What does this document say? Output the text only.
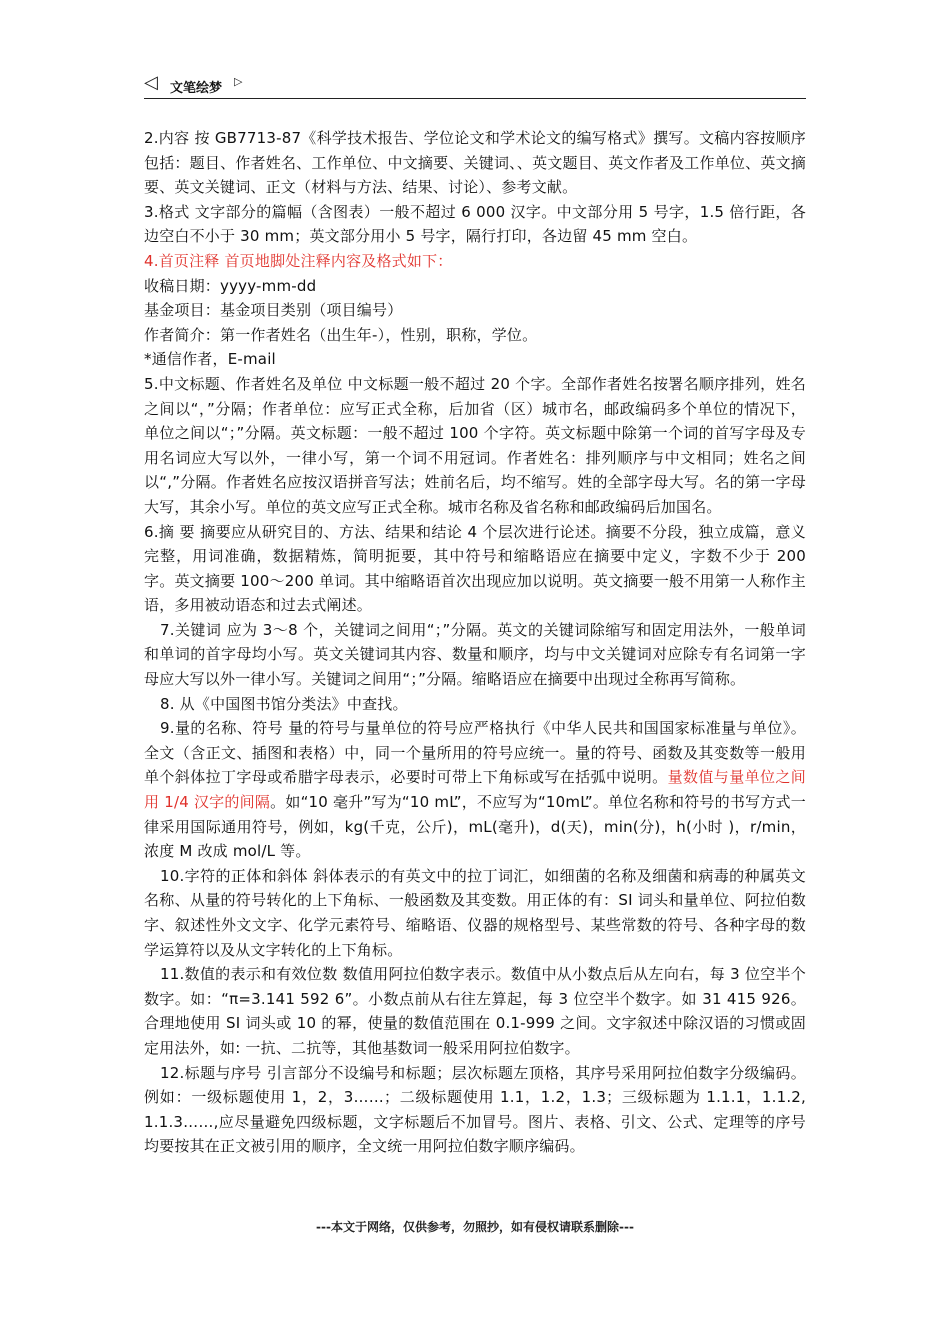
◁ 文笔绘梦 ▷

2.内容 按 GB7713-87《科学技术报告、学位论文和学术论文的编写格式》撰写。文稿内容按顺序包括：题目、作者姓名、工作单位、中文摘要、关键词、、英文题目、英文作者及工作单位、英文摘要、英文关键词、正文（材料与方法、结果、讨论）、参考文献。

3.格式 文字部分的篇幅（含图表）一般不超过 6 000 汉字。中文部分用 5 号字，1.5 倍行距，各边空白不小于 30 mm；英文部分用小 5 号字，隔行打印，各边留 45 mm 空白。

4.首页注释 首页地脚处注释内容及格式如下：

收稿日期：yyyy-mm-dd

基金项目：基金项目类别（项目编号）

作者简介：第一作者姓名（出生年-），性别，职称，学位。

*通信作者，E-mail

5.中文标题、作者姓名及单位 中文标题一般不超过 20 个字。全部作者姓名按署名顺序排列，姓名之间以“，”分隔；作者单位：应写正式全称，后加省（区）城市名，邮政编码多个单位的情况下，单位之间以“；”分隔。英文标题：一般不超过 100 个字符。英文标题中除第一个词的首写字母及专用名词应大写以外，一律小写，第一个词不用冠词。作者姓名：排列顺序与中文相同；姓名之间以“,”分隔。作者姓名应按汉语拼音写法；姓前名后，均不缩写。姓的全部字母大写。名的第一字母大写，其余小写。单位的英文应写正式全称。城市名称及省名称和邮政编码后加国名。

6.摘 要 摘要应从研究目的、方法、结果和结论 4 个层次进行论述。摘要不分段，独立成篇，意义完整，用词准确，数据精炼，简明扼要，其中符号和缩略语应在摘要中定义，字数不少于 200 字。英文摘要 100～200 单词。其中缩略语首次出现应加以说明。英文摘要一般不用第一人称作主语，多用被动语态和过去式阐述。

7.关键词 应为 3～8 个，关键词之间用“；”分隔。英文的关键词除缩写和固定用法外，一般单词和单词的首字母均小写。英文关键词其内容、数量和顺序，均与中文关键词对应除专有名词第一字母应大写以外一律小写。关键词之间用“；”分隔。缩略语应在摘要中出现过全称再写简称。

8. 从《中国图书馆分类法》中查找。

9.量的名称、符号 量的符号与量单位的符号应严格执行《中华人民共和国国家标准量与单位》。全文（含正文、插图和表格）中，同一个量所用的符号应统一。量的符号、函数及其变数等一般用单个斜体拉丁字母或希腊字母表示，必要时可带上下角标或写在括弧中说明。量数值与量单位之间用 1/4 汉字的间隔。如“10 毫升”写为“10 mL”，不应写为“10mL”。单位名称和符号的书写方式一律采用国际通用符号，例如，kg(千克，公斤)，mL(毫升)，d(天)，min(分)，h(小时 )，r/min，浓度 M 改成 mol/L 等。

10.字符的正体和斜体 斜体表示的有英文中的拉丁词汇，如细菌的名称及细菌和病毒的种属英文名称、从量的符号转化的上下角标、一般函数及其变数。用正体的有：SI 词头和量单位、阿拉伯数字、叙述性外文文字、化学元素符号、缩略语、仪器的规格型号、某些常数的符号、各种字母的数学运算符以及从文字转化的上下角标。

11.数值的表示和有效位数 数值用阿拉伯数字表示。数值中从小数点后从左向右，每 3 位空半个数字。如：“π=3.141 592 6”。小数点前从右往左算起，每 3 位空半个数字。如 31 415 926。合理地使用 SI 词头或 10 的幂，使量的数值范围在 0.1-999 之间。文字叙述中除汉语的习惯或固定用法外，如: 一抗、二抗等，其他基数词一般采用阿拉伯数字。

12.标题与序号 引言部分不设编号和标题；层次标题左顶格，其序号采用阿拉伯数字分级编码。例如：一级标题使用 1，2，3……；二级标题使用 1.1，1.2，1.3；三级标题为 1.1.1，1.1.2, 1.1.3……,应尽量避免四级标题，文字标题后不加冒号。图片、表格、引文、公式、定理等的序号均要按其在正文被引用的顺序，全文统一用阿拉伯数字顺序编码。

---本文于网络，仅供参考，勿照抄，如有侵权请联系删除---
